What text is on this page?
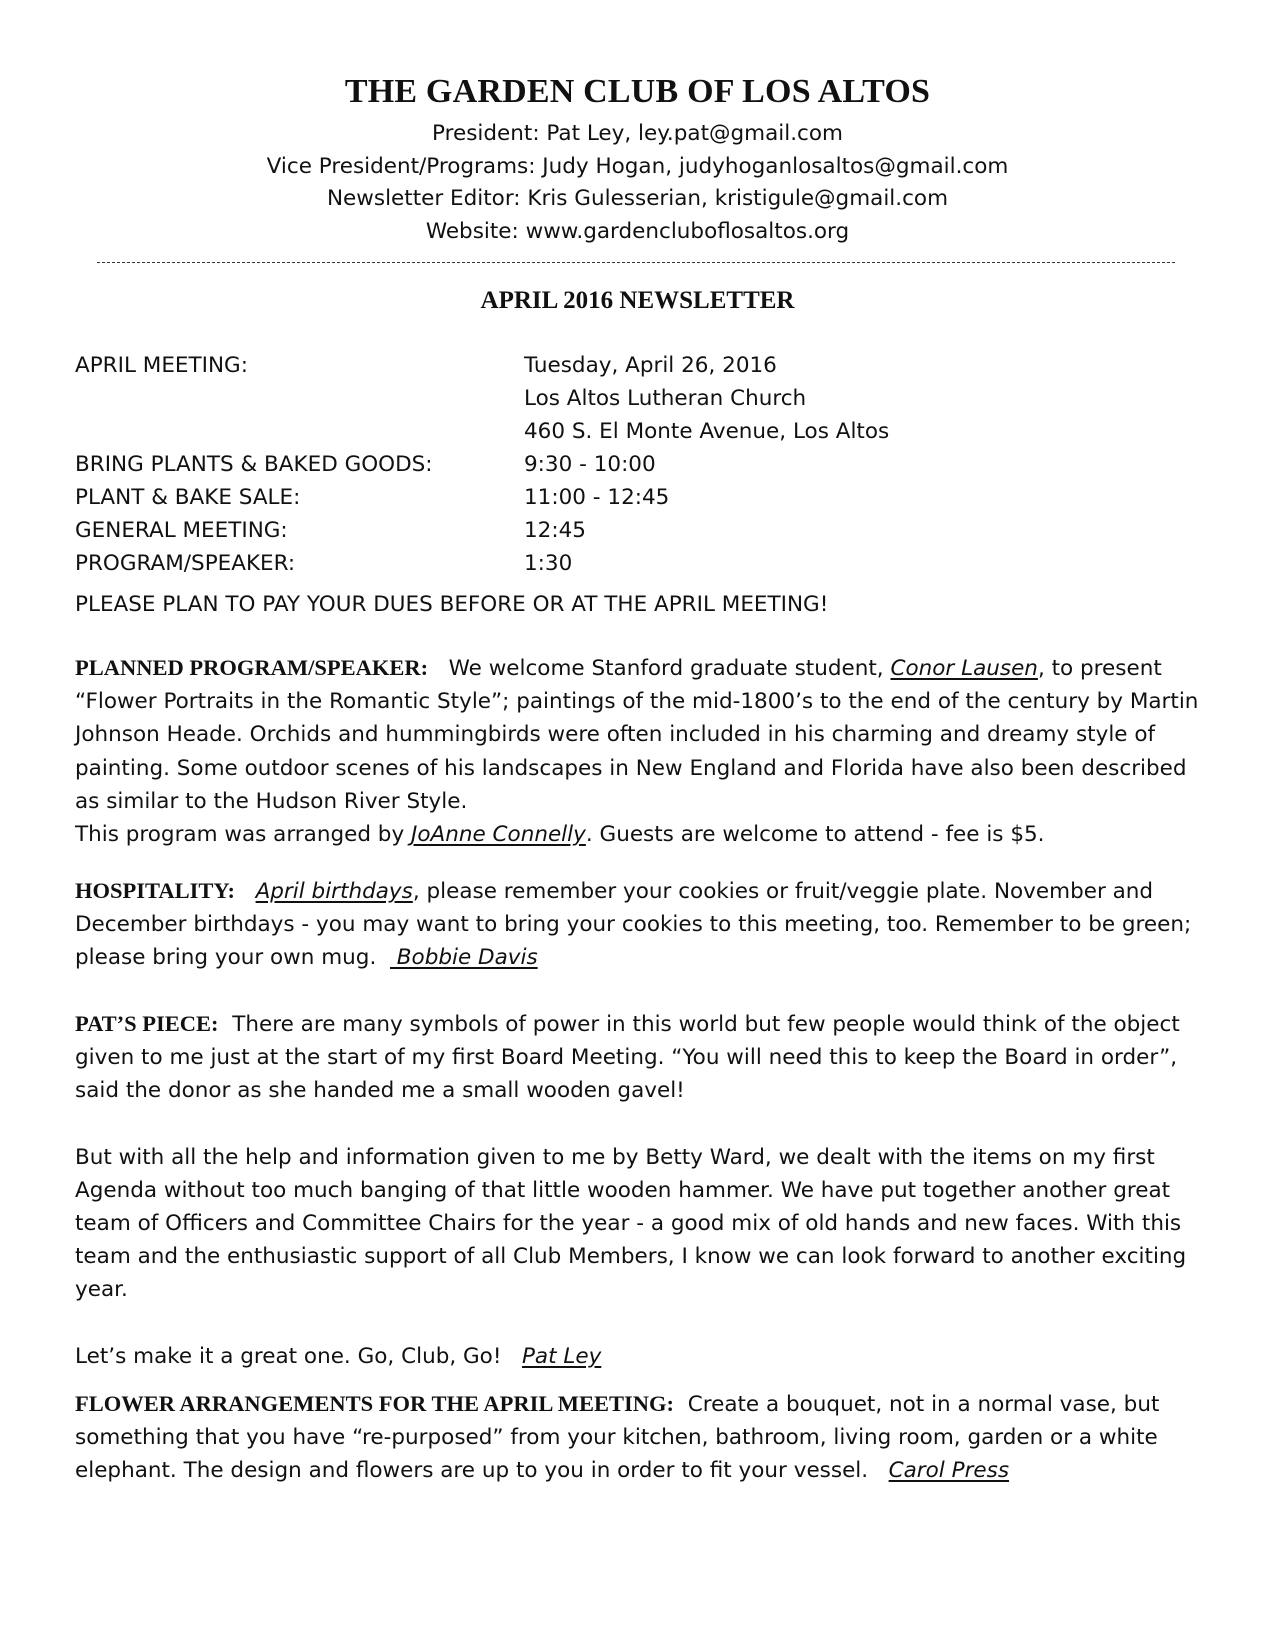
THE GARDEN CLUB OF LOS ALTOS
President: Pat Ley, ley.pat@gmail.com
Vice President/Programs: Judy Hogan, judyhoganlosaltos@gmail.com
Newsletter Editor: Kris Gulesserian, kristigule@gmail.com
Website: www.gardencluboflosaltos.org
APRIL 2016 NEWSLETTER
APRIL MEETING:	Tuesday, April 26, 2016
Los Altos Lutheran Church
460 S. El Monte Avenue, Los Altos
BRING PLANTS & BAKED GOODS:	9:30 - 10:00
PLANT & BAKE SALE:	11:00 - 12:45
GENERAL MEETING:	12:45
PROGRAM/SPEAKER:	1:30

PLEASE PLAN TO PAY YOUR DUES BEFORE OR AT THE APRIL MEETING!

PLANNED PROGRAM/SPEAKER:   We welcome Stanford graduate student, Conor Lausen, to present “Flower Portraits in the Romantic Style”; paintings of the mid-1800’s to the end of the century by Martin Johnson Heade. Orchids and hummingbirds were often included in his charming and dreamy style of painting. Some outdoor scenes of his landscapes in New England and Florida have also been described as similar to the Hudson River Style.

This program was arranged by JoAnne Connelly. Guests are welcome to attend - fee is $5.

HOSPITALITY: April birthdays, please remember your cookies or fruit/veggie plate. November and December birthdays - you may want to bring your cookies to this meeting, too. Remember to be green; please bring your own mug.   Bobbie Davis

PAT’S PIECE:  There are many symbols of power in this world but few people would think of the object given to me just at the start of my first Board Meeting. “You will need this to keep the Board in order”, said the donor as she handed me a small wooden gavel!

But with all the help and information given to me by Betty Ward, we dealt with the items on my first Agenda without too much banging of that little wooden hammer. We have put together another great team of Officers and Committee Chairs for the year - a good mix of old hands and new faces. With this team and the enthusiastic support of all Club Members, I know we can look forward to another exciting year.

Let’s make it a great one. Go, Club, Go!   Pat Ley

FLOWER ARRANGEMENTS FOR THE APRIL MEETING:  Create a bouquet, not in a normal vase, but something that you have “re-purposed” from your kitchen, bathroom, living room, garden or a white elephant. The design and flowers are up to you in order to fit your vessel.   Carol Press
